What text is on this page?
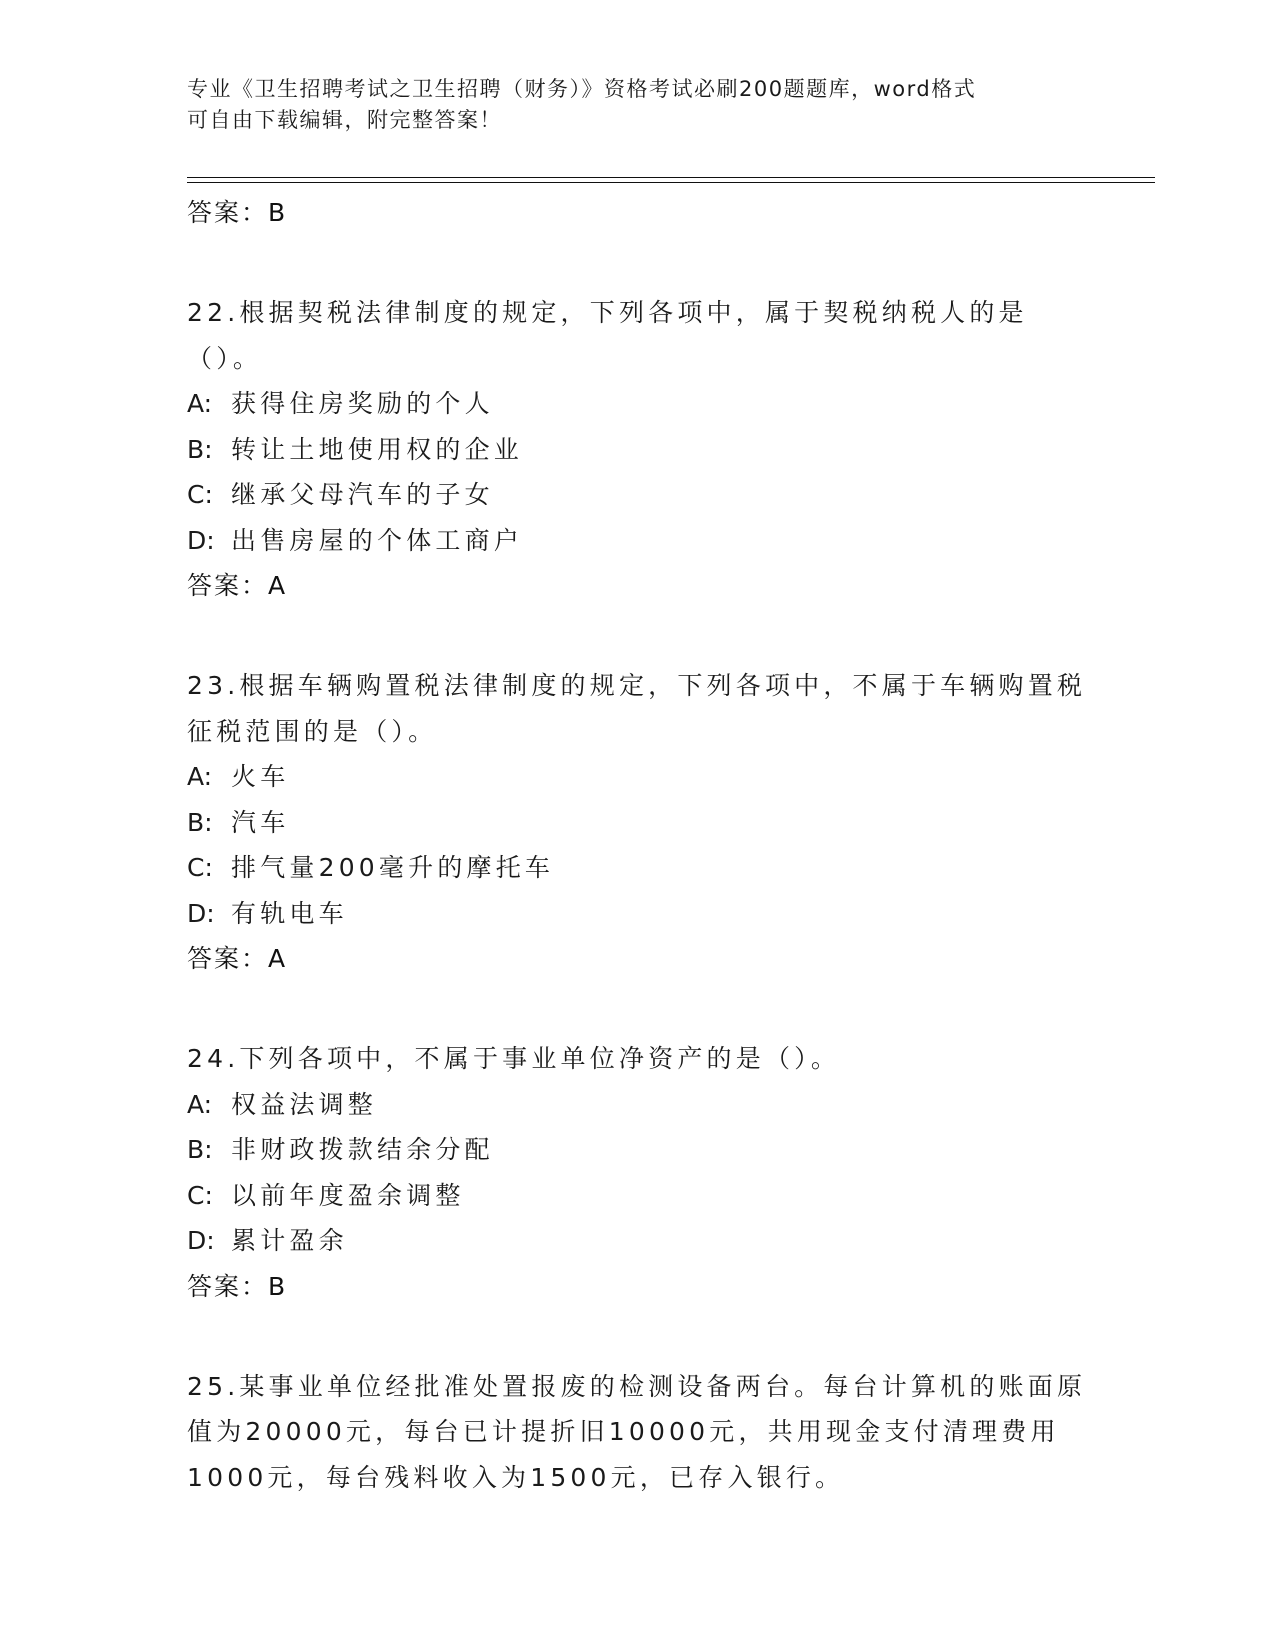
专业《卫生招聘考试之卫生招聘（财务）》资格考试必刷200题题库，word格式
可自由下载编辑，附完整答案！
答案：B
22.根据契税法律制度的规定，下列各项中，属于契税纳税人的是（）。
A: 获得住房奖励的个人
B: 转让土地使用权的企业
C: 继承父母汽车的子女
D: 出售房屋的个体工商户
答案：A
23.根据车辆购置税法律制度的规定，下列各项中，不属于车辆购置税征税范围的是（）。
A: 火车
B: 汽车
C: 排气量200毫升的摩托车
D: 有轨电车
答案：A
24.下列各项中，不属于事业单位净资产的是（）。
A: 权益法调整
B: 非财政拨款结余分配
C: 以前年度盈余调整
D: 累计盈余
答案：B
25.某事业单位经批准处置报废的检测设备两台。每台计算机的账面原值为20000元，每台已计提折旧10000元，共用现金支付清理费用1000元，每台残料收入为1500元，已存入银行。
